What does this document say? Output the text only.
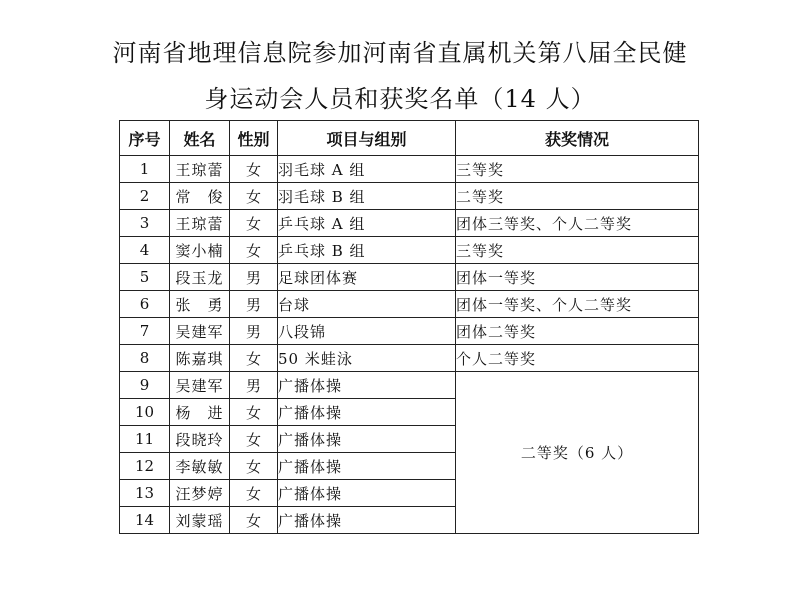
河南省地理信息院参加河南省直属机关第八届全民健
身运动会人员和获奖名单（14 人）
序号	姓名	性别	项目与组别	获奖情况
1	王琼蕾	女	羽毛球 A 组	三等奖
2	常　俊	女	羽毛球 B 组	二等奖
3	王琼蕾	女	乒乓球 A 组	团体三等奖、个人二等奖
4	窦小楠	女	乒乓球 B 组	三等奖
5	段玉龙	男	足球团体赛	团体一等奖
6	张　勇	男	台球	团体一等奖、个人二等奖
7	吴建军	男	八段锦	团体二等奖
8	陈嘉琪	女	50 米蛙泳	个人二等奖
9	吴建军	男	广播体操	二等奖（6 人）
10	杨　进	女	广播体操	
11	段晓玲	女	广播体操	
12	李敏敏	女	广播体操	
13	汪梦婷	女	广播体操	
14	刘蒙瑶	女	广播体操	
